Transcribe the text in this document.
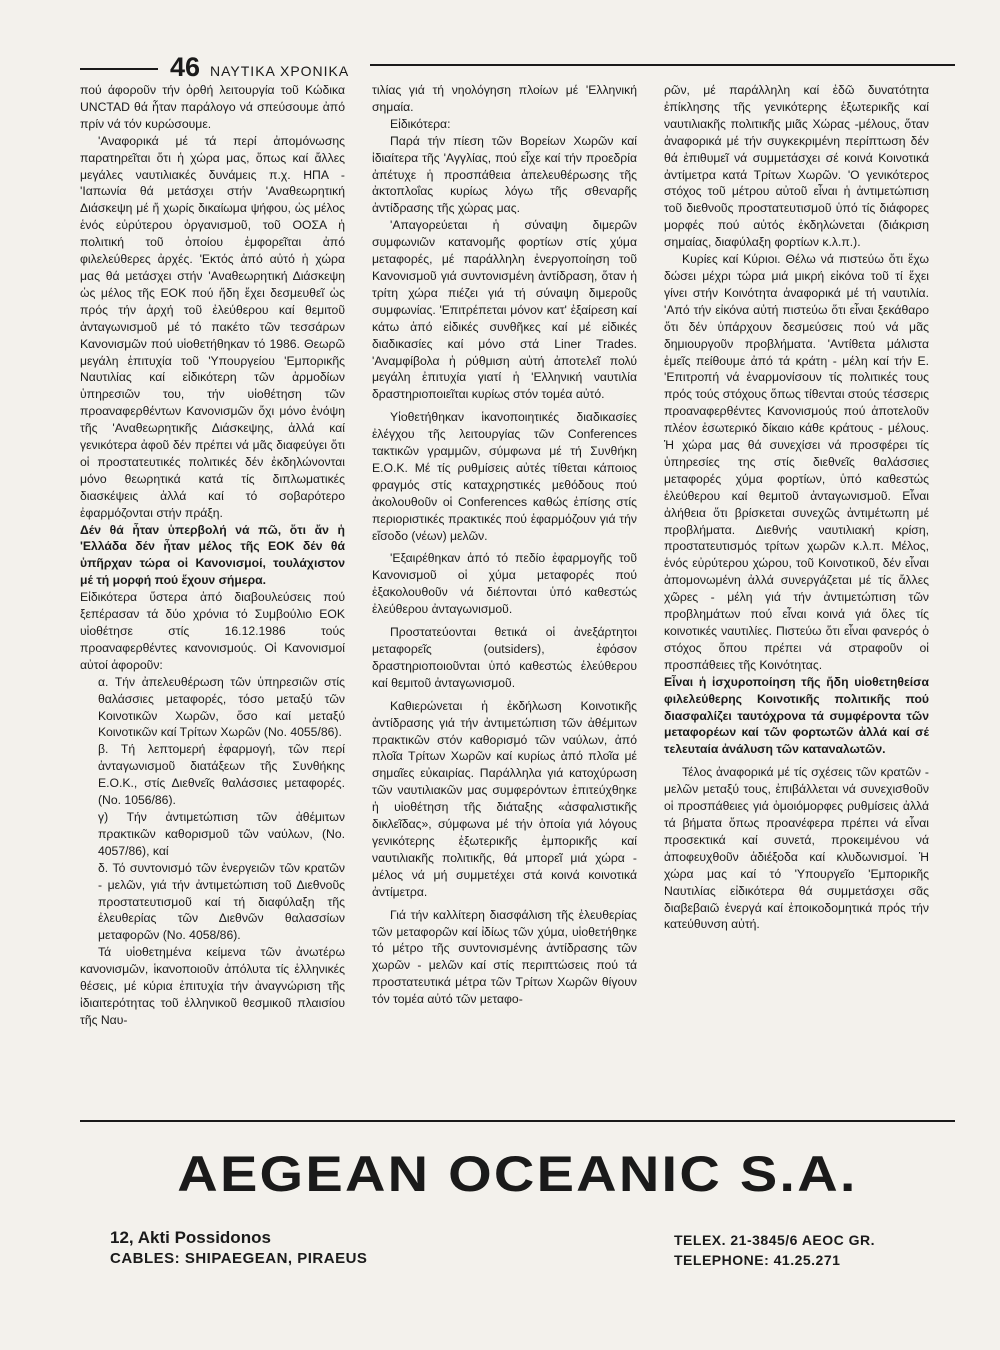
46 ΝΑΥΤΙΚΑ ΧΡΟΝΙΚΑ

πού άφοροῦν τήν ὀρθή λειτουργία τοῦ Κώδικα UNCTAD θά ἦταν παράλογο νά σπεύσουμε ἀπό πρίν νά τόν κυρώσουμε.

'Αναφορικά μέ τά περί ἀπομόνωσης παρατηρεῖται ὅτι ἡ χώρα μας, ὅπως καί ἄλλες μεγάλες ναυτιλιακές δυνάμεις π.χ. ΗΠΑ - 'Ιαπωνία θά μετάσχει στήν 'Αναθεωρητική Διάσκεψη μέ ἤ χωρίς δικαίωμα ψήφου, ὡς μέλος ἑνός εὐρύτερου ὀργανισμοῦ, τοῦ ΟΟΣΑ ἡ πολιτική τοῦ ὁποίου ἐμφορεῖται ἀπό φιλελεύθερες ἀρχές. 'Εκτός ἀπό αὐτό ἡ χώρα μας θά μετάσχει στήν 'Αναθεωρητική Διάσκεψη ὡς μέλος τῆς ΕΟΚ πού ἤδη ἔχει δεσμευθεῖ ὡς πρός τήν ἀρχή τοῦ ἐλεύθερου καί θεμιτοῦ ἀνταγωνισμοῦ μέ τό πακέτο τῶν τεσσάρων Κανονισμῶν πού υἱοθετήθηκαν τό 1986. Θεωρῶ μεγάλη ἐπιτυχία τοῦ 'Υπουργείου 'Εμπορικῆς Ναυτιλίας καί εἰδικότερη τῶν ἁρμοδίων ὑπηρεσιῶν του, τήν υἱοθέτηση τῶν προαναφερθέντων Κανονισμῶν ὄχι μόνο ἐνόψη τῆς 'Αναθεωρητικῆς Διάσκεψης, ἀλλά καί γενικότερα ἀφοῦ δέν πρέπει νά μᾶς διαφεύγει ὅτι οἱ προστατευτικές πολιτικές δέν ἐκδηλώνονται μόνο θεωρητικά κατά τίς διπλωματικές διασκέψεις ἀλλά καί τό σοβαρότερο ἐφαρμόζονται στήν πράξη.

Δέν θά ἦταν ὑπερβολή νά πῶ, ὅτι ἄν ἡ 'Ελλάδα δέν ἦταν μέλος τῆς ΕΟΚ δέν θά ὑπῆρχαν τώρα οἱ Κανονισμοί, τουλάχιστον μέ τή μορφή πού ἔχουν σήμερα.

Εἰδικότερα ὕστερα ἀπό διαβουλεύσεις πού ξεπέρασαν τά δύο χρόνια τό Συμβούλιο ΕΟΚ υἱοθέτησε στίς 16.12.1986 τούς προαναφερθέντες κανονισμούς. Οἱ Κανονισμοί αὐτοί ἀφοροῦν:

α. Τήν ἀπελευθέρωση τῶν ὑπηρεσιῶν στίς θαλάσσιες μεταφορές, τόσο μεταξύ τῶν Κοινοτικῶν Χωρῶν, ὅσο καί μεταξύ Κοινοτικῶν καί Τρίτων Χωρῶν (Νο. 4055/86).

β. Τή λεπτομερή ἐφαρμογή, τῶν περί ἀνταγωνισμοῦ διατάξεων τῆς Συνθήκης Ε.Ο.Κ., στίς Διεθνεῖς θαλάσσιες μεταφορές. (Νο. 1056/86).

γ) Τήν ἀντιμετώπιση τῶν ἀθέμιτων πρακτικῶν καθορισμοῦ τῶν ναύλων, (Νο. 4057/86), καί

δ. Τό συντονισμό τῶν ἐνεργειῶν τῶν κρατῶν - μελῶν, γιά τήν ἀντιμετώπιση τοῦ Διεθνοῦς προστατευτισμοῦ καί τή διαφύλαξη τῆς ἐλευθερίας τῶν Διεθνῶν θαλασσίων μεταφορῶν (Νο. 4058/86).

Τά υἱοθετημένα κείμενα τῶν ἀνωτέρω κανονισμῶν, ἱκανοποιοῦν ἀπόλυτα τίς ἑλληνικές θέσεις, μέ κύρια ἐπιτυχία τήν ἀναγνώριση τῆς ἰδιαιτερότητας τοῦ ἑλληνικοῦ θεσμικοῦ πλαισίου τῆς Ναυ-

τιλίας γιά τή νηολόγηση πλοίων μέ 'Ελληνική σημαία.

Εἰδικότερα:

Παρά τήν πίεση τῶν Βορείων Χωρῶν καί ἰδιαίτερα τῆς 'Αγγλίας, πού εἶχε καί τήν προεδρία ἀπέτυχε ἡ προσπάθεια ἀπελευθέρωσης τῆς ἀκτοπλοΐας κυρίως λόγω τῆς σθεναρῆς ἀντίδρασης τῆς χώρας μας.

'Απαγορεύεται ἡ σύναψη διμερῶν συμφωνιῶν κατανομῆς φορτίων στίς χύμα μεταφορές, μέ παράλληλη ἐνεργοποίηση τοῦ Κανονισμοῦ γιά συντονισμένη ἀντίδραση, ὅταν ἡ τρίτη χώρα πιέζει γιά τή σύναψη διμεροῦς συμφωνίας. 'Επιτρέπεται μόνον κατ' ἐξαίρεση καί κάτω ἀπό εἰδικές συνθῆκες καί μέ εἰδικές διαδικασίες καί μόνο στά Liner Trades. 'Αναμφίβολα ἡ ρύθμιση αὐτή ἀποτελεῖ πολύ μεγάλη ἐπιτυχία γιατί ἡ 'Ελληνική ναυτιλία δραστηριοποιεῖται κυρίως στόν τομέα αὐτό.

Υἱοθετήθηκαν ἱκανοποιητικές διαδικασίες ἐλέγχου τῆς λειτουργίας τῶν Conferences τακτικῶν γραμμῶν, σύμφωνα μέ τή Συνθήκη Ε.Ο.Κ. Μέ τίς ρυθμίσεις αὐτές τίθεται κάποιος φραγμός στίς καταχρηστικές μεθόδους πού ἀκολουθοῦν οἱ Conferences καθώς ἐπίσης στίς περιοριστικές πρακτικές πού ἐφαρμόζουν γιά τήν εἴσοδο (νέων) μελῶν.

'Εξαιρέθηκαν ἀπό τό πεδίο ἐφαρμογῆς τοῦ Κανονισμοῦ οἱ χύμα μεταφορές πού ἐξακολουθοῦν νά διέπονται ὑπό καθεστώς ἐλεύθερου ἀνταγωνισμοῦ.

Προστατεύονται θετικά οἱ ἀνεξάρτητοι μεταφορεῖς (outsiders), ἐφόσον δραστηριοποιοῦνται ὑπό καθεστώς ἐλεύθερου καί θεμιτοῦ ἀνταγωνισμοῦ.

Καθιερώνεται ἡ ἐκδήλωση Κοινοτικῆς ἀντίδρασης γιά τήν ἀντιμετώπιση τῶν ἀθέμιτων πρακτικῶν στόν καθορισμό τῶν ναύλων, ἀπό πλοῖα Τρίτων Χωρῶν καί κυρίως ἀπό πλοῖα μέ σημαῖες εὐκαιρίας. Παράλληλα γιά κατοχύρωση τῶν ναυτιλιακῶν μας συμφερόντων ἐπιτεύχθηκε ἡ υἱοθέτηση τῆς διάταξης «ἀσφαλιστικῆς δικλεῖδας», σύμφωνα μέ τήν ὁποία γιά λόγους γενικότερης ἐξωτερικῆς ἐμπορικῆς καί ναυτιλιακῆς πολιτικῆς, θά μπορεῖ μιά χώρα - μέλος νά μή συμμετέχει στά κοινά κοινοτικά ἀντίμετρα.

Γιά τήν καλλίτερη διασφάλιση τῆς ἐλευθερίας τῶν μεταφορῶν καί ἰδίως τῶν χύμα, υἱοθετήθηκε τό μέτρο τῆς συντονισμένης ἀντίδρασης τῶν χωρῶν - μελῶν καί στίς περιπτώσεις πού τά προστατευτικά μέτρα τῶν Τρίτων Χωρῶν θίγουν τόν τομέα αὐτό τῶν μεταφο-

ρῶν, μέ παράλληλη καί ἐδῶ δυνατότητα ἐπίκλησης τῆς γενικότερης ἐξωτερικῆς καί ναυτιλιακῆς πολιτικῆς μιᾶς Χώρας -μέλους, ὅταν ἀναφορικά μέ τήν συγκεκριμένη περίπτωση δέν θά ἐπιθυμεῖ νά συμμετάσχει σέ κοινά Κοινοτικά ἀντίμετρα κατά Τρίτων Χωρῶν. 'Ο γενικότερος στόχος τοῦ μέτρου αὐτοῦ εἶναι ἡ ἀντιμετώπιση τοῦ διεθνοῦς προστατευτισμοῦ ὑπό τίς διάφορες μορφές πού αὐτός ἐκδηλώνεται (διάκριση σημαίας, διαφύλαξη φορτίων κ.λ.π.).

Κυρίες καί Κύριοι. Θέλω νά πιστεύω ὅτι ἔχω δώσει μέχρι τώρα μιά μικρή εἰκόνα τοῦ τί ἔχει γίνει στήν Κοινότητα ἀναφορικά μέ τή ναυτιλία. 'Από τήν εἰκόνα αὐτή πιστεύω ὅτι εἶναι ξεκάθαρο ὅτι δέν ὑπάρχουν δεσμεύσεις πού νά μᾶς δημιουργοῦν προβλήματα. 'Αντίθετα μάλιστα ἐμεῖς πείθουμε ἀπό τά κράτη - μέλη καί τήν Ε. 'Επιτροπή νά ἐναρμονίσουν τίς πολιτικές τους πρός τούς στόχους ὅπως τίθενται στούς τέσσερις προαναφερθέντες Κανονισμούς πού ἀποτελοῦν πλέον ἐσωτερικό δίκαιο κάθε κράτους - μέλους. Ἡ χώρα μας θά συνεχίσει νά προσφέρει τίς ὑπηρεσίες της στίς διεθνεῖς θαλάσσιες μεταφορές χύμα φορτίων, ὑπό καθεστώς ἐλεύθερου καί θεμιτοῦ ἀνταγωνισμοῦ. Εἶναι ἀλήθεια ὅτι βρίσκεται συνεχῶς ἀντιμέτωπη μέ προβλήματα. Διεθνής ναυτιλιακή κρίση, προστατευτισμός τρίτων χωρῶν κ.λ.π. Μέλος, ἑνός εὐρύτερου χώρου, τοῦ Κοινοτικοῦ, δέν εἶναι ἀπομονωμένη ἀλλά συνεργάζεται μέ τίς ἄλλες χῶρες - μέλη γιά τήν ἀντιμετώπιση τῶν προβλημάτων πού εἶναι κοινά γιά ὅλες τίς κοινοτικές ναυτιλίες. Πιστεύω ὅτι εἶναι φανερός ὁ στόχος ὅπου πρέπει νά στραφοῦν οἱ προσπάθειες τῆς Κοινότητας.

Εἶναι ἡ ἰσχυροποίηση τῆς ἤδη υἱοθετηθείσα φιλελεύθερης Κοινοτικῆς πολιτικῆς πού διασφαλίζει ταυτόχρονα τά συμφέροντα τῶν μεταφορέων καί τῶν φορτωτῶν ἀλλά καί σέ τελευταία ἀνάλυση τῶν καταναλωτῶν.

Τέλος ἀναφορικά μέ τίς σχέσεις τῶν κρατῶν - μελῶν μεταξύ τους, ἐπιβάλλεται νά συνεχισθοῦν οἱ προσπάθειες γιά ὁμοιόμορφες ρυθμίσεις ἀλλά τά βήματα ὅπως προανέφερα πρέπει νά εἶναι προσεκτικά καί συνετά, προκειμένου νά ἀποφευχθοῦν ἀδιέξοδα καί κλυδωνισμοί. Ἡ χώρα μας καί τό 'Υπουργεῖο 'Εμπορικῆς Ναυτιλίας εἰδικότερα θά συμμετάσχει σᾶς διαβεβαιῶ ἐνεργά καί ἐποικοδομητικά πρός τήν κατεύθυνση αὐτή.

AEGEAN OCEANIC S.A.
12, Akti Possidonos
CABLES: SHIPAEGEAN, PIRAEUS
TELEX. 21-3845/6 AEOC GR.
TELEPHONE: 41.25.271
